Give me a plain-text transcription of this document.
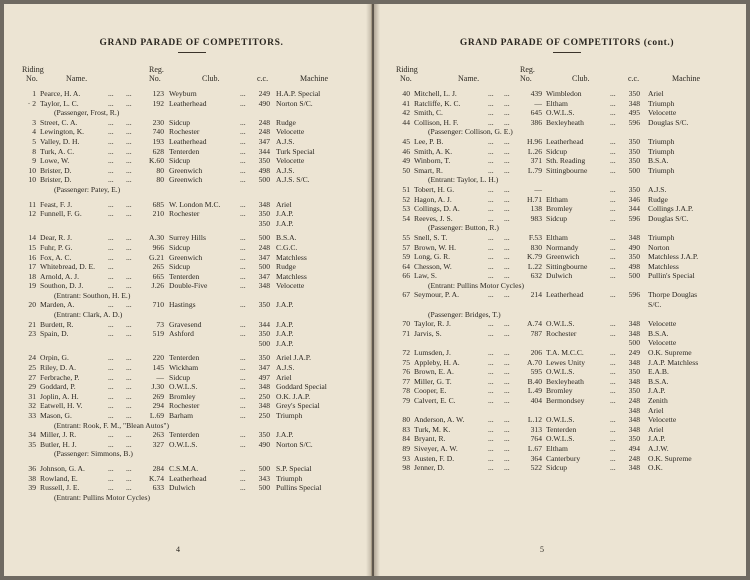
GRAND PARADE OF COMPETITORS.
Riding
No.	Name.
Reg.
No.	Club.	c.c.	Machine
1 Pearce, H. A.	... ...	123 Weyburn	...	249 H.A.P. Special
· 2 Taylor, L. C.	... ...	192 Leatherhead	...	490 Norton S/C.
(Passenger, Frost, R.)
3 Street, C. A.	... ...	230 Sidcup	...	248 Rudge
4 Lewington, K.	... ...	740 Rochester	...	248 Velocette
5 Valley, D. H.	... ...	193 Leatherhead	...	347 A.J.S.
8 Turk, A. C.	... ...	628 Tenterden	...	344 Turk Special
9 Lowe, W.	... ...	K.60 Sidcup	...	350 Velocette
10 Brister, D.	... ...	80 Greenwich	...	498 A.J.S.
10 Brister, D.	... ...	80 Greenwich	...	500 A.J.S. S/C.
(Passenger: Patey, E.)
11 Feast, F. J.	... ...	685 W. London M.C.	...	348 Ariel
12 Funnell, F. G.	... ...	210 Rochester	...	350 J.A.P.
350 J.A.P.
14 Dear, R. J.	... ...	A.30 Surrey Hills	...	500 B.S.A.
15 Fuhr, P. G.	... ...	966 Sidcup	...	248 C.G.C.
16 Fox, A. C.	... ...	G.21 Greenwich	...	347 Matchless
17 Whitebread, D. E. ...	265 Sidcup	...	500 Rudge
18 Arnold, A. J.	... ...	665 Tenterden	...	347 Matchless
19 Southon, D. J.	... ...	J.26 Double-Five	...	348 Velocette
(Entrant: Southon, H. E.)
20 Marden, A.	... ...	710 Hastings	...	350 J.A.P.
(Entrant: Clark, A. D.)
21 Burdett, R.	... ...	73 Gravesend	...	344 J.A.P.
23 Spain, D.	... ...	519 Ashford	...	350 J.A.P.
500 J.A.P.
24 Orpin, G.	... ...	220 Tenterden	...	350 Ariel J.A.P.
25 Riley, D. A.	... ...	145 Wickham	...	347 A.J.S.
27 Ferbrache, P.	... ...	— Sidcup	...	497 Ariel
29 Goddard, P.	... ...	J.30 O.W.L.S.	...	348 Goddard Special
31 Joplin, A. H.	... ...	269 Bromley	...	250 O.K. J.A.P.
32 Eatwell, H. V.	... ...	294 Rochester	...	348 Grey's Special
33 Mason, G.	... ...	L.69 Barham	...	250 Triumph
(Entrant: Rook, F. M., "Blean Autos")
34 Miller, J. R.	... ...	263 Tenterden	...	350 J.A.P.
35 Butler, H. J.	... ...	327 O.W.L.S.	...	490 Norton S/C.
(Passenger: Simmons, B.)
36 Johnson, G. A.	... ...	284 C.S.M.A.	...	500 S.P. Special
38 Rowland, E.	... ...	K.74 Leatherhead	...	343 Triumph
39 Russell, J. E.	... ...	633 Dulwich	...	500 Pullins Special
(Entrant: Pullins Motor Cycles)
4
GRAND PARADE OF COMPETITORS (cont.)
Riding
No.	Name.
Reg.
No.	Club.	c.c.	Machine
40 Mitchell, L. J.	... ...	439 Wimbledon	...	350 Ariel
41 Ratcliffe, K. C.	... ...	— Eltham	...	348 Triumph
42 Smith, C.	... ...	645 O.W.L.S.	...	495 Velocette
44 Collison, H. F.	... ...	386 Bexleyheath	...	596 Douglas S/C.
(Passenger: Collison, G. E.)
45 Lee, P. B.	... ...	H.96 Leatherhead	...	350 Triumph
46 Smith, A. K.	... ...	L.26 Sidcup	...	350 Triumph
49 Winborn, T.	... ...	371 Sth. Reading	...	350 B.S.A.
50 Smart, R.	... ...	L.79 Sittingbourne	...	500 Triumph
(Entrant: Taylor, L. H.)
51 Tobert, H. G.	... ...	—	...	350 A.J.S.
52 Hagon, A. J.	... ...	H.71 Eltham	...	346 Rudge
53 Collings, D. A.	... ...	138 Bromley	...	344 Collings J.A.P.
54 Reeves, J. S.	... ...	983 Sidcup	...	596 Douglas S/C.
(Passenger: Button, R.)
55 Snell, S. T.	... ...	F.53 Eltham	...	348 Triumph
57 Brown, W. H.	... ...	830 Normandy	...	490 Norton
59 Long, G. R.	... ...	K.79 Greenwich	...	350 Matchless J.A.P.
64 Chesson, W.	... ...	L.22 Sittingbourne	...	498 Matchless
66 Law, S.	... ...	632 Dulwich	...	500 Pullin's Special
(Entrant: Pullins Motor Cycles)
67 Seymour, P. A.	... ...	214 Leatherhead	...	596 Thorpe Douglas
S/C.
(Passenger: Bridges, T.)
70 Taylor, R. J.	... ...	A.74 O.W.L.S.	...	348 Velocette
71 Jarvis, S.	... ...	787 Rochester	...	348 B.S.A.
500 Velocette
72 Lumsden, J.	... ...	206 T.A. M.C.C.	...	249 O.K. Supreme
75 Appleby, H. A.	... ...	A.70 Lewes Unity	...	348 J.A.P. Matchless
76 Brown, E. A.	... ...	595 O.W.L.S.	...	350 E.A.B.
77 Miller, G. T.	... ...	B.40 Bexleyheath	...	348 B.S.A.
78 Cooper, E.	... ...	L.49 Bromley	...	350 J.A.P.
79 Calvert, E. C.	... ...	404 Bermondsey	...	248 Zenith
348 Ariel
80 Anderson, A. W.	... ...	L.12 O.W.L.S.	...	348 Velocette
83 Turk, M. K.	... ...	313 Tenterden	...	348 Ariel
84 Bryant, R.	... ...	764 O.W.L.S.	...	350 J.A.P.
89 Siveyer, A. W.	... ...	L.67 Eltham	...	494 A.J.W.
93 Austen, F. D.	... ...	364 Canterbury	...	248 O.K. Supreme
98 Jenner, D.	... ...	522 Sidcup	...	348 O.K.
5
